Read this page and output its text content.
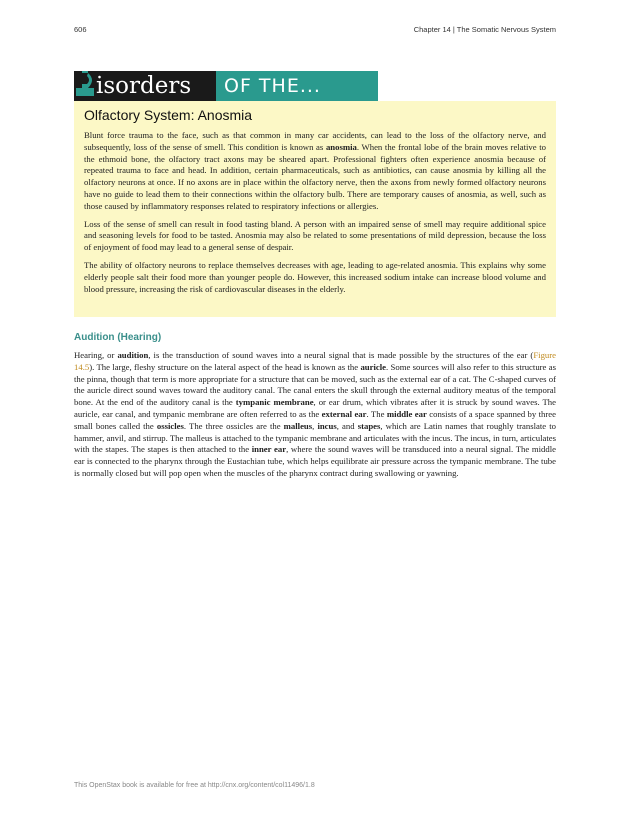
606	Chapter 14 | The Somatic Nervous System
isorders OF THE...
Olfactory System: Anosmia

Blunt force trauma to the face, such as that common in many car accidents, can lead to the loss of the olfactory nerve, and subsequently, loss of the sense of smell. This condition is known as anosmia. When the frontal lobe of the brain moves relative to the ethmoid bone, the olfactory tract axons may be sheared apart. Professional fighters often experience anosmia because of repeated trauma to face and head. In addition, certain pharmaceuticals, such as antibiotics, can cause anosmia by killing all the olfactory neurons at once. If no axons are in place within the olfactory nerve, then the axons from newly formed olfactory neurons have no guide to lead them to their connections within the olfactory bulb. There are temporary causes of anosmia, as well, such as those caused by inflammatory responses related to respiratory infections or allergies.

Loss of the sense of smell can result in food tasting bland. A person with an impaired sense of smell may require additional spice and seasoning levels for food to be tasted. Anosmia may also be related to some presentations of mild depression, because the loss of enjoyment of food may lead to a general sense of despair.

The ability of olfactory neurons to replace themselves decreases with age, leading to age-related anosmia. This explains why some elderly people salt their food more than younger people do. However, this increased sodium intake can increase blood volume and blood pressure, increasing the risk of cardiovascular diseases in the elderly.

Audition (Hearing)

Hearing, or audition, is the transduction of sound waves into a neural signal that is made possible by the structures of the ear (Figure 14.5). The large, fleshy structure on the lateral aspect of the head is known as the auricle. Some sources will also refer to this structure as the pinna, though that term is more appropriate for a structure that can be moved, such as the external ear of a cat. The C-shaped curves of the auricle direct sound waves toward the auditory canal. The canal enters the skull through the external auditory meatus of the temporal bone. At the end of the auditory canal is the tympanic membrane, or ear drum, which vibrates after it is struck by sound waves. The auricle, ear canal, and tympanic membrane are often referred to as the external ear. The middle ear consists of a space spanned by three small bones called the ossicles. The three ossicles are the malleus, incus, and stapes, which are Latin names that roughly translate to hammer, anvil, and stirrup. The malleus is attached to the tympanic membrane and articulates with the incus. The incus, in turn, articulates with the stapes. The stapes is then attached to the inner ear, where the sound waves will be transduced into a neural signal. The middle ear is connected to the pharynx through the Eustachian tube, which helps equilibrate air pressure across the tympanic membrane. The tube is normally closed but will pop open when the muscles of the pharynx contract during swallowing or yawning.

This OpenStax book is available for free at http://cnx.org/content/col11496/1.8
